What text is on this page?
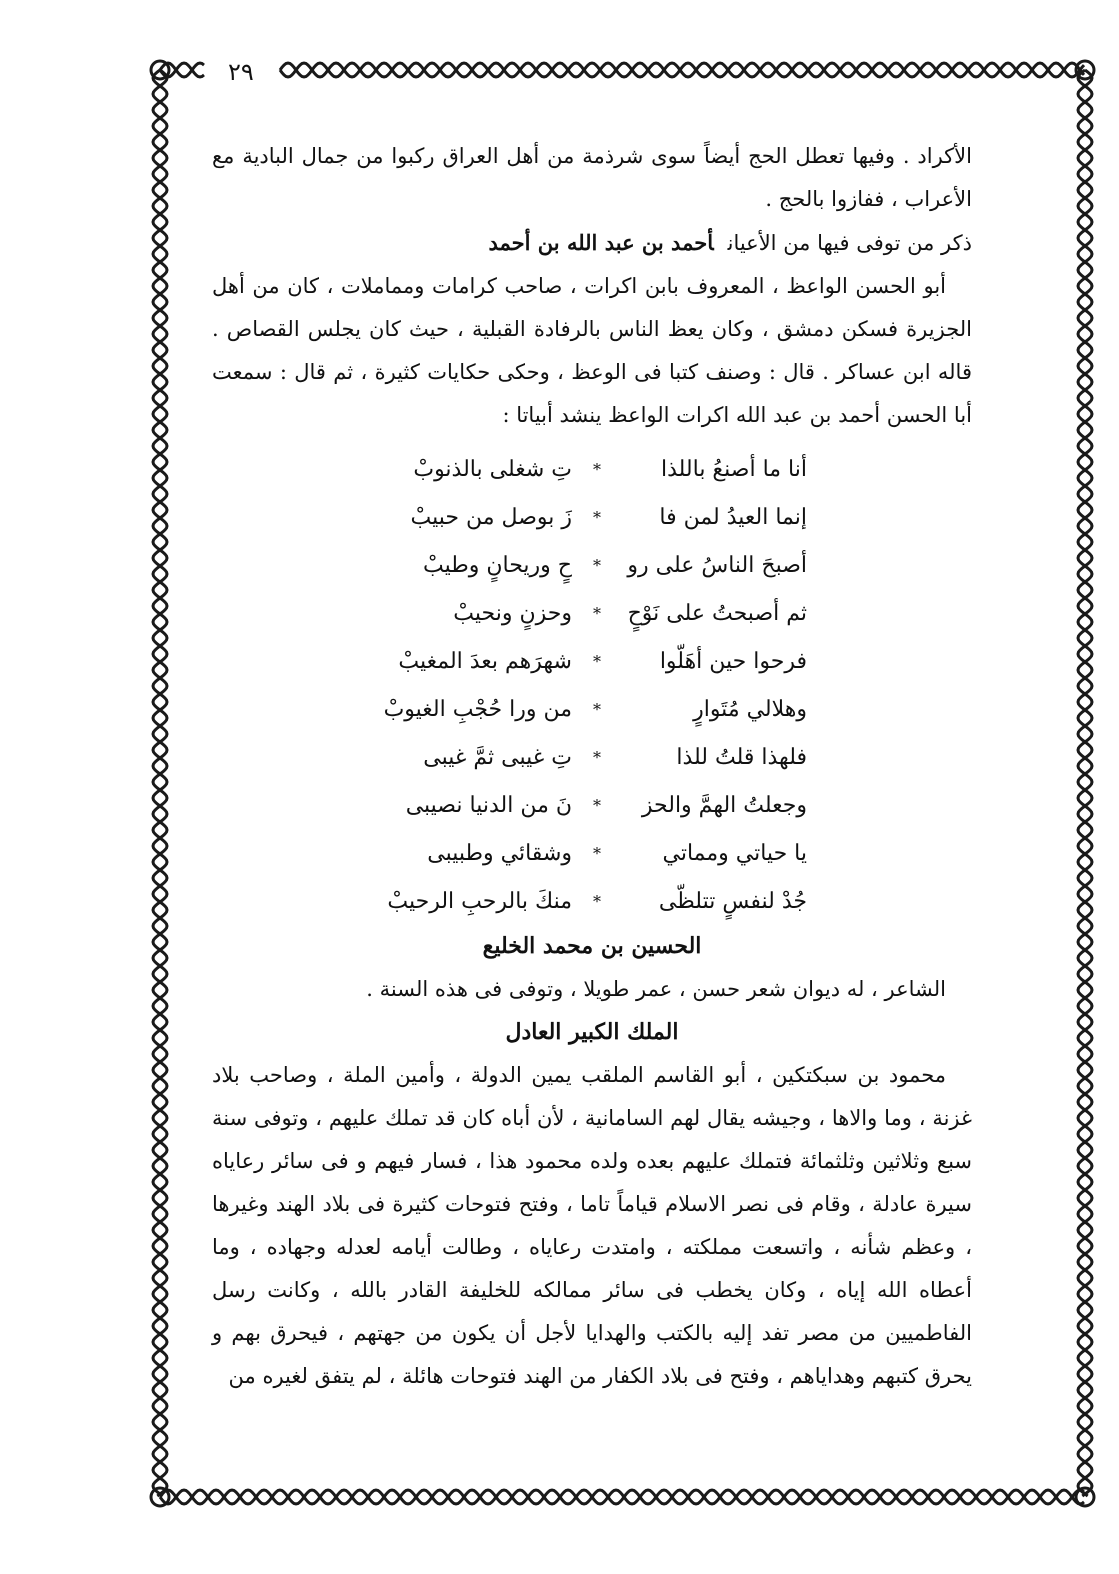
٢٩

الأكراد . وفيها تعطل الحج أيضاً سوى شرذمة من أهل العراق ركبوا من جمال البادية مع الأعراب ، ففازوا بالحج .

ذكر من توفى فيها من الأعيانأحمد بن عبد الله بن أحمد

أبو الحسن الواعظ ، المعروف بابن اكرات ، صاحب كرامات ومماملات ، كان من أهل الجزيرة فسكن دمشق ، وكان يعظ الناس بالرفادة القبلية ، حيث كان يجلس القصاص . قاله ابن عساكر . قال : وصنف كتبا فى الوعظ ، وحكى حكايات كثيرة ، ثم قال : سمعت أبا الحسن أحمد بن عبد الله اكرات الواعظ ينشد أبياتا :

أنا ما أصنعُ باللذا
*
تِ شغلى بالذنوبْ
إنما العيدُ لمن فا
*
زَ بوصل من حبيبْ
أصبحَ الناسُ على رو
*
حٍ وريحانٍ وطيبْ
ثم أصبحتُ على نَوْحٍ
*
وحزنٍ ونحيبْ
فرحوا حين أهَلّوا
*
شهرَهم بعدَ المغيبْ
وهلالي مُتَوارٍ
*
من ورا حُجْبِ الغيوبْ
فلهذا قلتُ للذا
*
تِ غيبى ثمَّ غيبى
وجعلتُ الهمَّ والحز
*
نَ من الدنيا نصيبى
يا حياتي ومماتي
*
وشقائي وطبيبى
جُدْ لنفسٍ تتلظّى
*
منكَ بالرحبِ الرحيبْ

الحسين بن محمد الخليع

الشاعر ، له ديوان شعر حسن ، عمر طويلا ، وتوفى فى هذه السنة .

الملك الكبير العادل

محمود بن سبكتكين ، أبو القاسم الملقب يمين الدولة ، وأمين الملة ، وصاحب بلاد غزنة ، وما والاها ، وجيشه يقال لهم السامانية ، لأن أباه كان قد تملك عليهم ، وتوفى سنة سبع وثلاثين وثلثمائة فتملك عليهم بعده ولده محمود هذا ، فسار فيهم و فى سائر رعاياه سيرة عادلة ، وقام فى نصر الاسلام قياماً تاما ، وفتح فتوحات كثيرة فى بلاد الهند وغيرها ، وعظم شأنه ، واتسعت مملكته ، وامتدت رعاياه ، وطالت أيامه لعدله وجهاده ، وما أعطاه الله إياه ، وكان يخطب فى سائر ممالكه للخليفة القادر بالله ، وكانت رسل الفاطميين من مصر تفد إليه بالكتب والهدايا لأجل أن يكون من جهتهم ، فيحرق بهم و يحرق كتبهم وهداياهم ، وفتح فى بلاد الكفار من الهند فتوحات هائلة ، لم يتفق لغيره من
